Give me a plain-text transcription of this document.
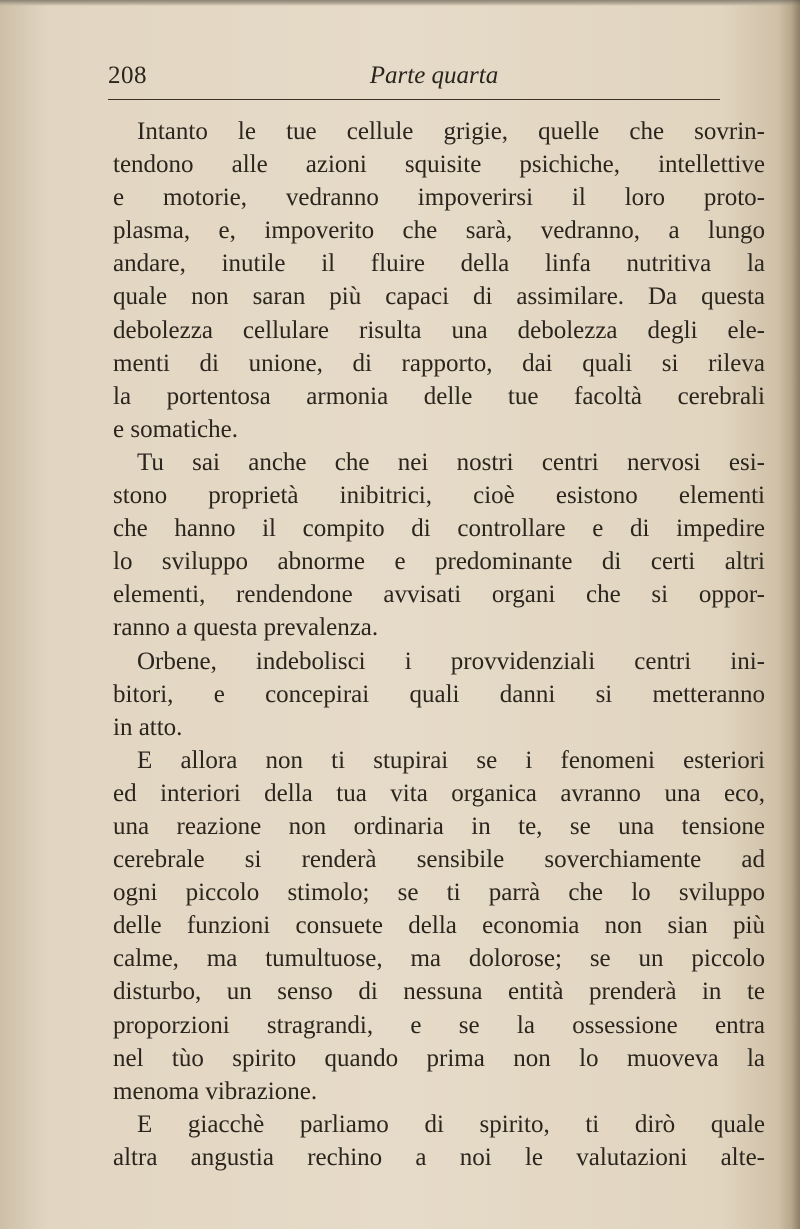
208	Parte quarta
Intanto le tue cellule grigie, quelle che sovrin-
tendono alle azioni squisite psichiche, intellettive
e motorie, vedranno impoverirsi il loro proto-
plasma, e, impoverito che sarà, vedranno, a lungo
andare, inutile il fluire della linfa nutritiva la
quale non saran più capaci di assimilare. Da questa
debolezza cellulare risulta una debolezza degli ele-
menti di unione, di rapporto, dai quali si rileva
la portentosa armonia delle tue facoltà cerebrali
e somatiche.
Tu sai anche che nei nostri centri nervosi esi-
stono proprietà inibitrici, cioè esistono elementi
che hanno il compito di controllare e di impedire
lo sviluppo abnorme e predominante di certi altri
elementi, rendendone avvisati organi che si oppor-
ranno a questa prevalenza.
Orbene, indebolisci i provvidenziali centri ini-
bitori, e concepirai quali danni si metteranno
in atto.
E allora non ti stupirai se i fenomeni esteriori
ed interiori della tua vita organica avranno una eco,
una reazione non ordinaria in te, se una tensione
cerebrale si renderà sensibile soverchiamente ad
ogni piccolo stimolo; se ti parrà che lo sviluppo
delle funzioni consuete della economia non sian più
calme, ma tumultuose, ma dolorose; se un piccolo
disturbo, un senso di nessuna entità prenderà in te
proporzioni stragrandi, e se la ossessione entra
nel tùo spirito quando prima non lo muoveva la
menoma vibrazione.
E giacchè parliamo di spirito, ti dirò quale
altra angustia rechino a noi le valutazioni alte-
